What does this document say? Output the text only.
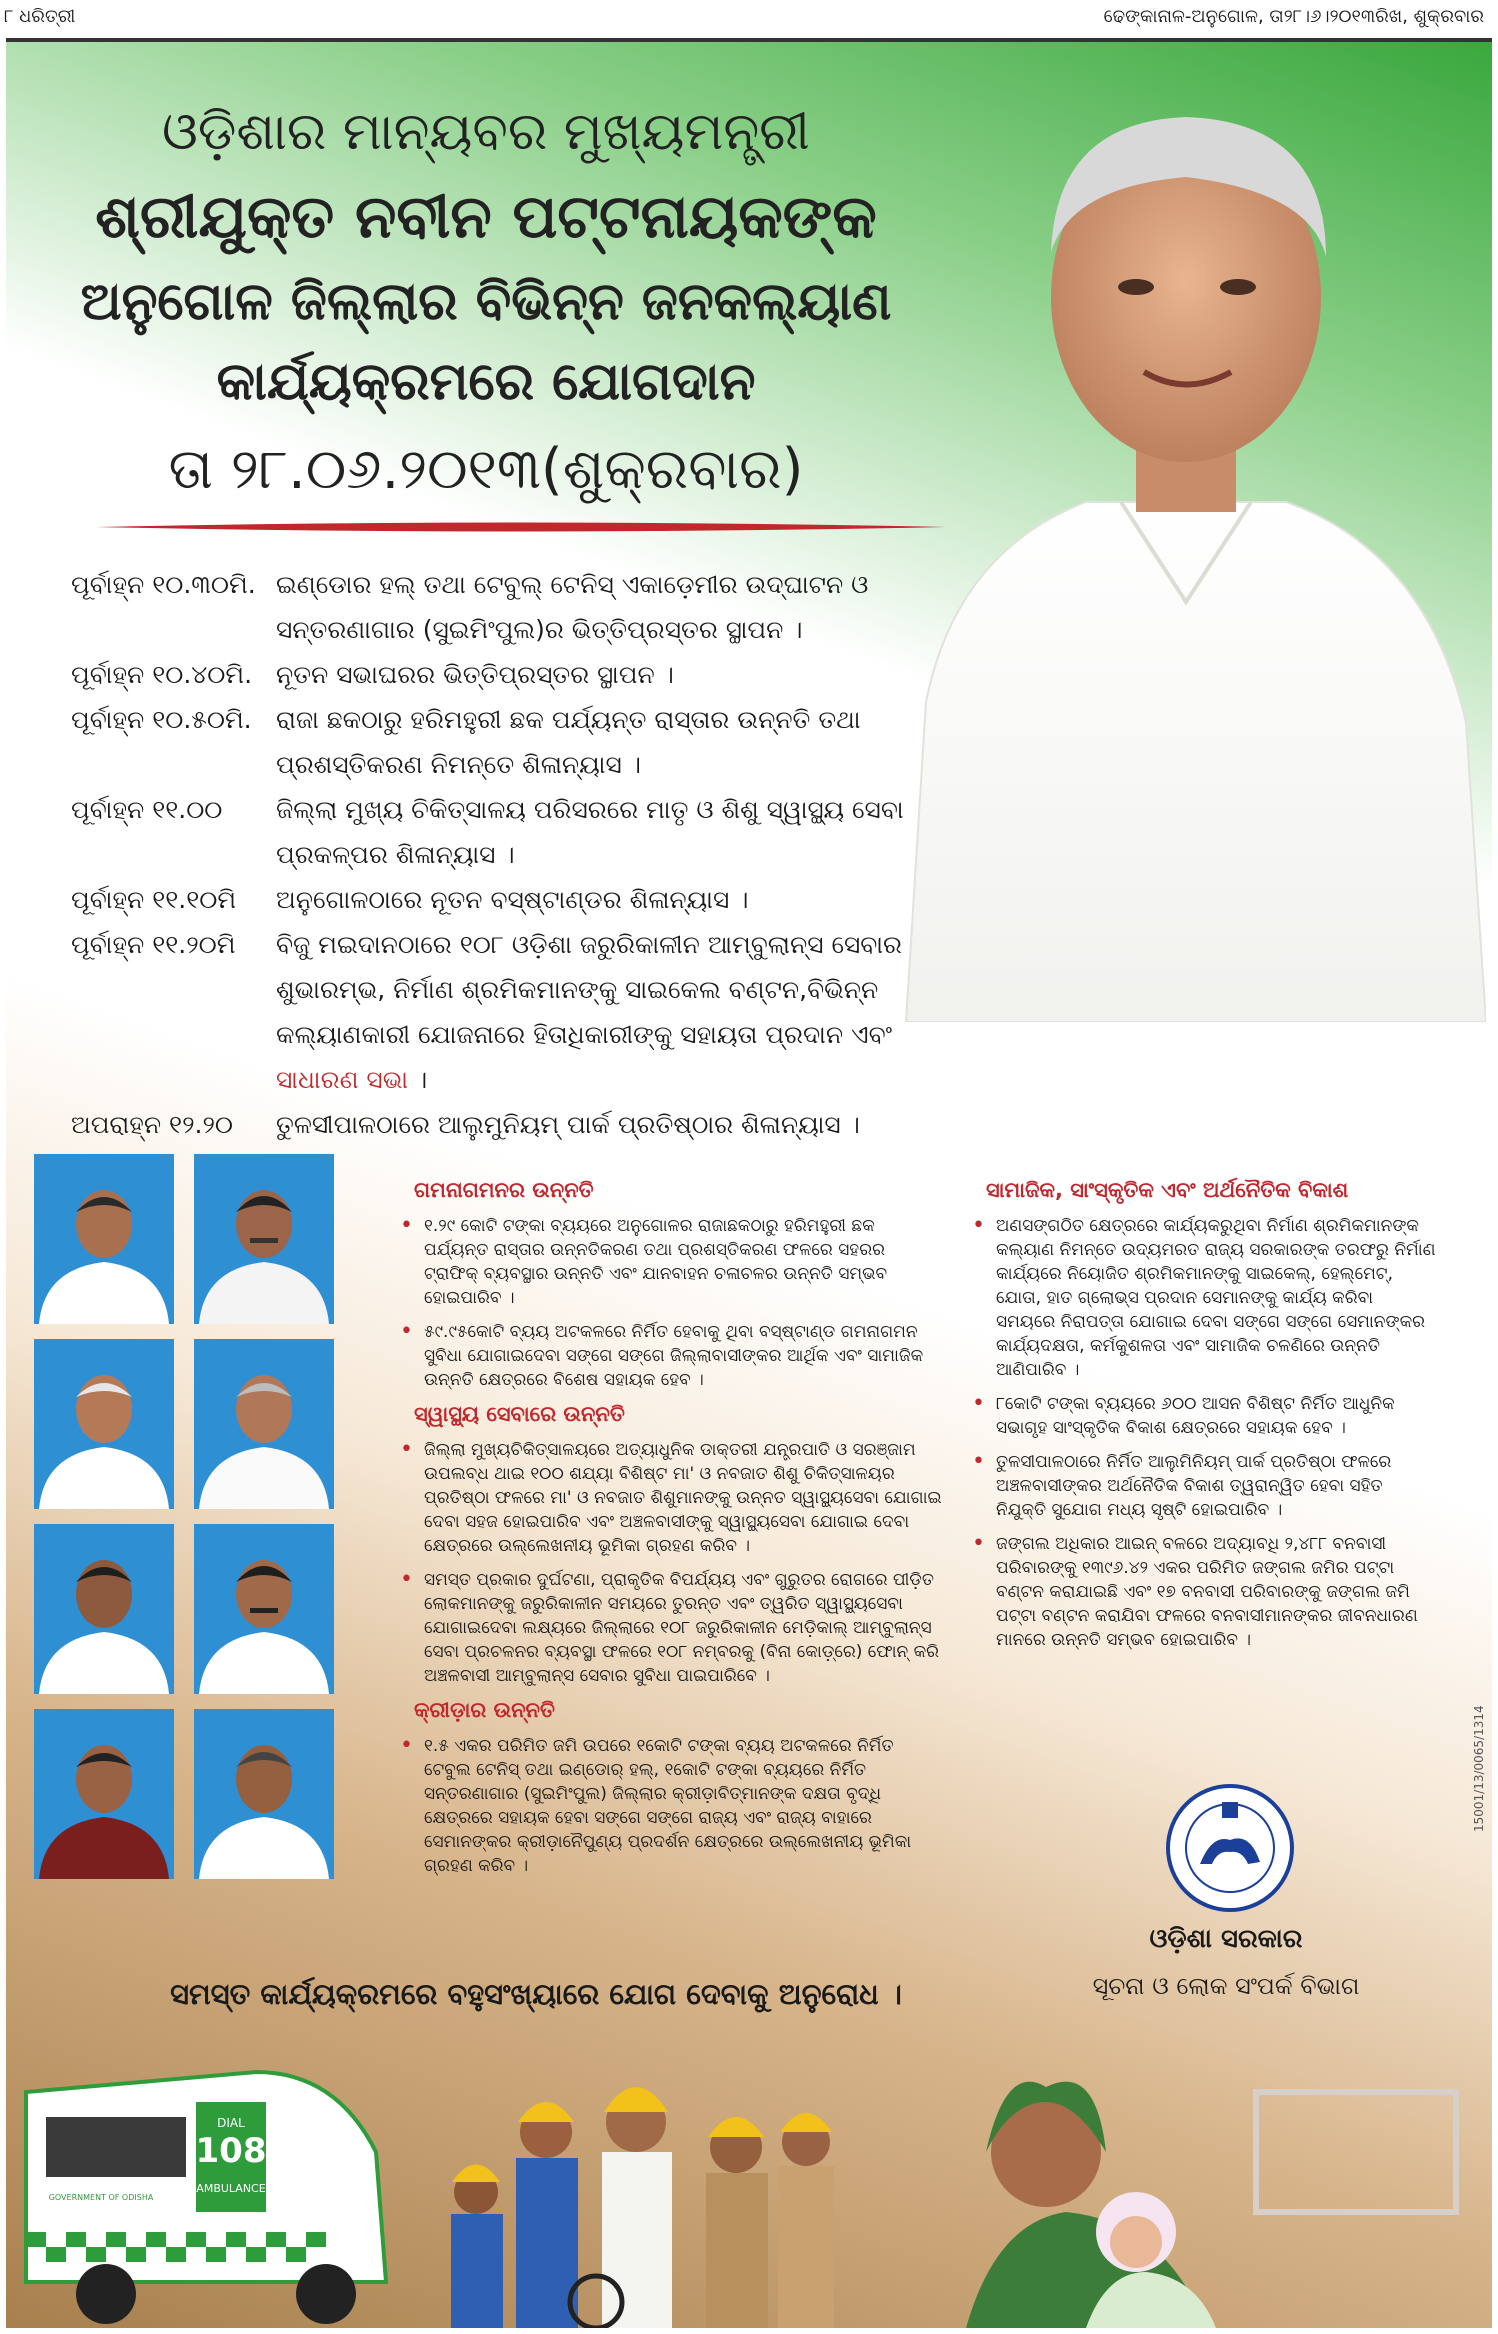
୮ ଧରିତ୍ରୀ	ଢେଙ୍କାନାଳ-ଅନୁଗୋଳ, ତା୨୮।୬।୨୦୧୩ରିଖ, ଶୁକ୍ରବାର
ଓଡ଼ିଶାର ମାନ୍ୟବର ମୁଖ୍ୟମନ୍ତ୍ରୀ
ଶ୍ରୀଯୁକ୍ତ ନବୀନ ପଟ୍ଟନାୟକଙ୍କ
ଅନୁଗୋଳ ଜିଲ୍ଲାର ବିଭିନ୍ନ ଜନକଲ୍ୟାଣ
କାର୍ଯ୍ୟକ୍ରମରେ ଯୋଗଦାନ
ତା ୨୮.୦୬.୨୦୧୩(ଶୁକ୍ରବାର)
ପୂର୍ବାହ୍ନ ୧୦.୩୦ମି. ଇଣ୍ଡୋର ହଲ୍ ତଥା ଟେବୁଲ୍ ଟେନିସ୍ ଏକାଡ଼େମୀର ଉଦ୍‌ଘାଟନ ଓ ସନ୍ତରଣାଗାର (ସୁଇମିଂପୁଲ)ର ଭିତ୍ତିପ୍ରସ୍ତର ସ୍ଥାପନ ।
ପୂର୍ବାହ୍ନ ୧୦.୪୦ମି. ନୂତନ ସଭାଘରର ଭିତ୍ତିପ୍ରସ୍ତର ସ୍ଥାପନ ।
ପୂର୍ବାହ୍ନ ୧୦.୫୦ମି. ରାଜା ଛକଠାରୁ ହରିମହୁରୀ ଛକ ପର୍ଯ୍ୟନ୍ତ ରାସ୍ତାର ଉନ୍ନତି ତଥା ପ୍ରଶସ୍ତିକରଣ ନିମନ୍ତେ ଶିଳାନ୍ୟାସ ।
ପୂର୍ବାହ୍ନ ୧୧.୦୦	ଜିଲ୍ଲା ମୁଖ୍ୟ ଚିକିତ୍ସାଳୟ ପରିସରରେ ମାତୃ ଓ ଶିଶୁ ସ୍ୱାସ୍ଥ୍ୟ ସେବା ପ୍ରକଳ୍ପର ଶିଳାନ୍ୟାସ ।
ପୂର୍ବାହ୍ନ ୧୧.୧୦ମି	ଅନୁଗୋଳଠାରେ ନୂତନ ବସ୍‌ଷ୍ଟାଣ୍ଡର ଶିଳାନ୍ୟାସ ।
ପୂର୍ବାହ୍ନ ୧୧.୨୦ମି	ବିଜୁ ମଇଦାନଠାରେ ୧୦୮ ଓଡ଼ିଶା ଜରୁରିକାଳୀନ ଆମ୍ବୁଲାନ୍ସ ସେବାର ଶୁଭାରମ୍ଭ, ନିର୍ମାଣ ଶ୍ରମିକମାନଙ୍କୁ ସାଇକେଲ ବଣ୍ଟନ,ବିଭିନ୍ନ କଲ୍ୟାଣକାରୀ ଯୋଜନାରେ ହିତାଧିକାରୀଙ୍କୁ ସହାୟତା ପ୍ରଦାନ ଏବଂ ସାଧାରଣ ସଭା ।
ଅପରାହ୍ନ ୧୨.୨୦	ତୁଳସୀପାଳଠାରେ ଆଲୁମୁନିୟମ୍ ପାର୍କ ପ୍ରତିଷ୍ଠାର ଶିଳାନ୍ୟାସ ।
ଗମନାଗମନର ଉନ୍ନତି
• ୧.୨୯ କୋଟି ଟଙ୍କା ବ୍ୟୟରେ ଅନୁଗୋଳର ରାଜାଛକଠାରୁ ହରିମହୁରୀ ଛକ ପର୍ଯ୍ୟନ୍ତ ରାସ୍ତାର ଉନ୍ନତିକରଣ ତଥା ପ୍ରଶସ୍ତିକରଣ ଫଳରେ ସହରର ଟ୍ରାଫିକ୍ ବ୍ୟବସ୍ଥାର ଉନ୍ନତି ଏବଂ ଯାନବାହନ ଚଳାଚଳର ଉନ୍ନତି ସମ୍ଭବ ହୋଇପାରିବ ।
• ୫୯.୯୫କୋଟି ବ୍ୟୟ ଅଟକଳରେ ନିର୍ମିତ ହେବାକୁ ଥିବା ବସ୍‌ଷ୍ଟାଣ୍ଡ ଗମନାଗମନ ସୁବିଧା ଯୋଗାଇଦେବା ସଙ୍ଗେ ସଙ୍ଗେ ଜିଲ୍ଲାବାସୀଙ୍କର ଆର୍ଥିକ ଏବଂ ସାମାଜିକ ଉନ୍ନତି କ୍ଷେତ୍ରରେ ବିଶେଷ ସହାୟକ ହେବ ।
ସ୍ୱାସ୍ଥ୍ୟ ସେବାରେ ଉନ୍ନତି
• ଜିଲ୍ଲା ମୁଖ୍ୟଚିକିତ୍ସାଳୟରେ ଅତ୍ୟାଧୁନିକ ଡାକ୍ତରୀ ଯନ୍ତ୍ରପାତି ଓ ସରଞ୍ଜାମ ଉପଲବ୍ଧ ଥାଇ ୧୦୦ ଶଯ୍ୟା ବିଶିଷ୍ଟ ମା' ଓ ନବଜାତ ଶିଶୁ ଚିକିତ୍ସାଳୟର ପ୍ରତିଷ୍ଠା ଫଳରେ ମା' ଓ ନବଜାତ ଶିଶୁମାନଙ୍କୁ ଉନ୍ନତ ସ୍ୱାସ୍ଥ୍ୟସେବା ଯୋଗାଇ ଦେବା ସହଜ ହୋଇପାରିବ ଏବଂ ଅଞ୍ଚଳବାସୀଙ୍କୁ ସ୍ୱାସ୍ଥ୍ୟସେବା ଯୋଗାଇ ଦେବା କ୍ଷେତ୍ରରେ ଉଲ୍ଲେଖନୀୟ ଭୂମିକା ଗ୍ରହଣ କରିବ ।
• ସମସ୍ତ ପ୍ରକାର ଦୁର୍ଘଟଣା, ପ୍ରାକୃତିକ ବିପର୍ଯ୍ୟୟ ଏବଂ ଗୁରୁତର ରୋଗରେ ପୀଡ଼ିତ ଲୋକମାନଙ୍କୁ ଜରୁରିକାଳୀନ ସମୟରେ ତୁରନ୍ତ ଏବଂ ତ୍ୱରିତ ସ୍ୱାସ୍ଥ୍ୟସେବା ଯୋଗାଇଦେବା ଲକ୍ଷ୍ୟରେ ଜିଲ୍ଲାରେ ୧୦୮ ଜରୁରିକାଳୀନ ମେଡ଼ିକାଲ୍ ଆମ୍ବୁଲାନ୍ସ ସେବା ପ୍ରଚଳନର ବ୍ୟବସ୍ଥା ଫଳରେ ୧୦୮ ନମ୍ବରକୁ (ବିନା କୋଡ଼୍‌ରେ) ଫୋନ୍ କରି ଅଞ୍ଚଳବାସୀ ଆମ୍ବୁଲାନ୍ସ ସେବାର ସୁବିଧା ପାଇପାରିବେ ।
କ୍ରୀଡ଼ାର ଉନ୍ନତି
• ୧.୫ ଏକର ପରିମିତ ଜମି ଉପରେ ୧କୋଟି ଟଙ୍କା ବ୍ୟୟ ଅଟକଳରେ ନିର୍ମିତ ଟେବୁଲ ଟେନିସ୍ ତଥା ଇଣ୍ଡୋର୍ ହଲ୍, ୧କୋଟି ଟଙ୍କା ବ୍ୟୟରେ ନିର୍ମିତ ସନ୍ତରଣାଗାର (ସୁଇମିଂପୁଲ) ଜିଲ୍ଲାର କ୍ରୀଡ଼ାବିତ୍‌ମାନଙ୍କ ଦକ୍ଷତା ବୃଦ୍ଧି କ୍ଷେତ୍ରରେ ସହାୟକ ହେବା ସଙ୍ଗେ ସଙ୍ଗେ ରାଜ୍ୟ ଏବଂ ରାଜ୍ୟ ବାହାରେ ସେମାନଙ୍କର କ୍ରୀଡ଼ାନୈପୁଣ୍ୟ ପ୍ରଦର୍ଶନ କ୍ଷେତ୍ରରେ ଉଲ୍ଲେଖନୀୟ ଭୂମିକା ଗ୍ରହଣ କରିବ ।
ସାମାଜିକ, ସାଂସ୍କୃତିକ ଏବଂ ଅର୍ଥନୈତିକ ବିକାଶ
• ଅଣସଙ୍ଗଠିତ କ୍ଷେତ୍ରରେ କାର୍ଯ୍ୟକରୁଥିବା ନିର୍ମାଣ ଶ୍ରମିକମାନଙ୍କ କଲ୍ୟାଣ ନିମନ୍ତେ ଉଦ୍ୟମରତ ରାଜ୍ୟ ସରକାରଙ୍କ ତରଫରୁ ନିର୍ମାଣ କାର୍ଯ୍ୟରେ ନିୟୋଜିତ ଶ୍ରମିକମାନଙ୍କୁ ସାଇକେଲ୍, ହେଲ୍‌ମେଟ୍, ଯୋତା, ହାତ ଗ୍ଲୋଭ୍ସ ପ୍ରଦାନ ସେମାନଙ୍କୁ କାର୍ଯ୍ୟ କରିବା ସମୟରେ ନିରାପତ୍ତା ଯୋଗାଇ ଦେବା ସଙ୍ଗେ ସଙ୍ଗେ ସେମାନଙ୍କର କାର୍ଯ୍ୟଦକ୍ଷତା, କର୍ମକୁଶଳତା ଏବଂ ସାମାଜିକ ଚଳଣିରେ ଉନ୍ନତି ଆଣିପାରିବ ।
• ୮କୋଟି ଟଙ୍କା ବ୍ୟୟରେ ୬୦୦ ଆସନ ବିଶିଷ୍ଟ ନିର୍ମିତ ଆଧୁନିକ ସଭାଗୃହ ସାଂସ୍କୃତିକ ବିକାଶ କ୍ଷେତ୍ରରେ ସହାୟକ ହେବ ।
• ତୁଳସୀପାଳଠାରେ ନିର୍ମିତ ଆଲୁମିନିୟମ୍ ପାର୍କ ପ୍ରତିଷ୍ଠା ଫଳରେ ଅଞ୍ଚଳବାସୀଙ୍କର ଅର୍ଥନୈତିକ ବିକାଶ ତ୍ୱରାନ୍ୱିତ ହେବା ସହିତ ନିଯୁକ୍ତି ସୁଯୋଗ ମଧ୍ୟ ସୃଷ୍ଟି ହୋଇପାରିବ ।
• ଜଙ୍ଗଲ ଅଧିକାର ଆଇନ୍ ବଳରେ ଅଦ୍ୟାବଧି ୨,୪୮୮ ବନବାସୀ ପରିବାରଙ୍କୁ ୧୩୯୬.୪୨ ଏକର ପରିମିତ ଜଙ୍ଗଲ ଜମିର ପଟ୍ଟା ବଣ୍ଟନ କରାଯାଇଛି ଏବଂ ୧୭ ବନବାସୀ ପରିବାରଙ୍କୁ ଜଙ୍ଗଲ ଜମି ପଟ୍ଟା ବଣ୍ଟନ କରାଯିବା ଫଳରେ ବନବାସୀମାନଙ୍କର ଜୀବନଧାରଣ ମାନରେ ଉନ୍ନତି ସମ୍ଭବ ହୋଇପାରିବ ।
ଓଡ଼ିଶା ସରକାର
ସୂଚନା ଓ ଲୋକ ସଂପର୍କ ବିଭାଗ
ସମସ୍ତ କାର୍ଯ୍ୟକ୍ରମରେ ବହୁସଂଖ୍ୟାରେ ଯୋଗ ଦେବାକୁ ଅନୁରୋଧ ।
15001/13/0065/1314
108
DIAL
AMBULANCE
GOVERNMENT OF ODISHA
